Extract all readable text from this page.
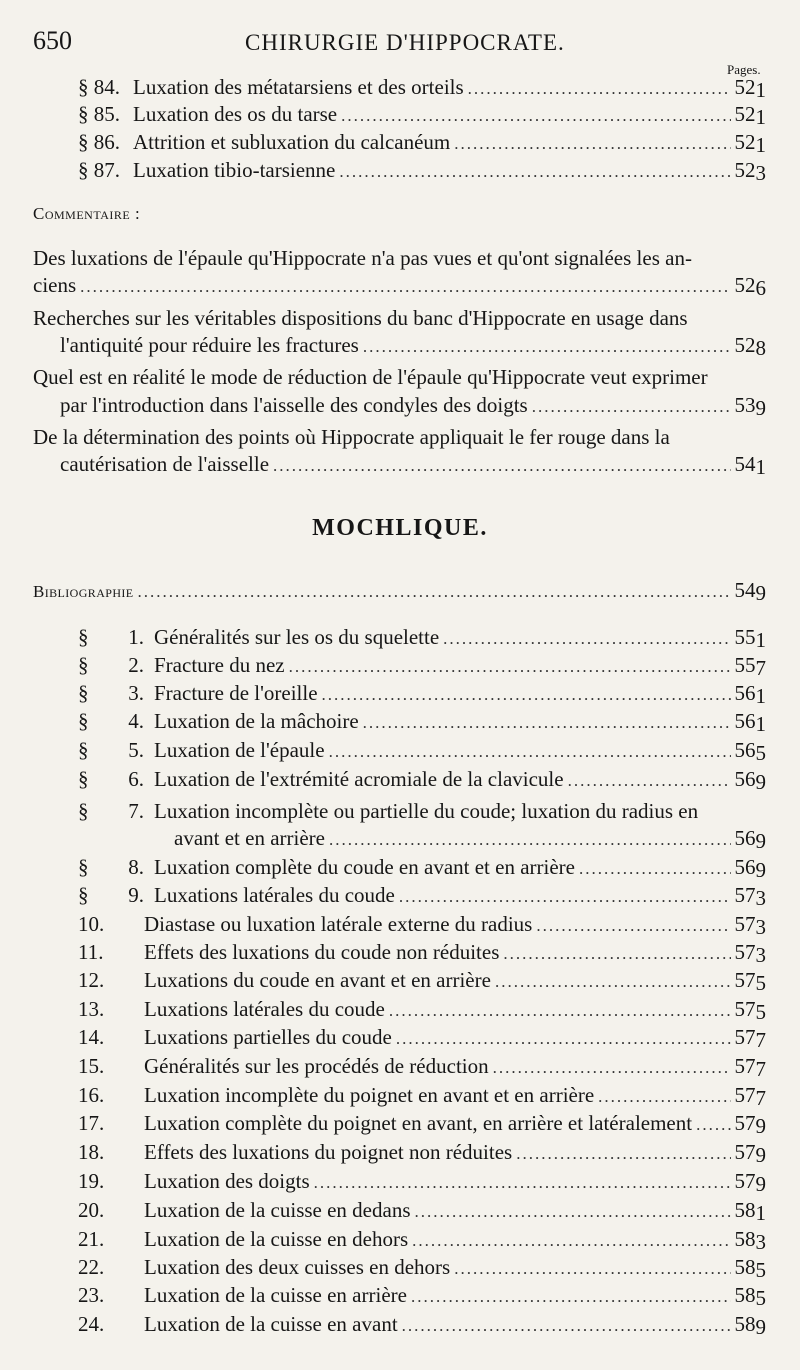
650	CHIRURGIE D'HIPPOCRATE.
Pages.
§ 84. Luxation des métatarsiens et des orteils .....	521
§ 85. Luxation des os du tarse .....	521
§ 86. Attrition et subluxation du calcanéum .....	521
§ 87. Luxation tibio-tarsienne .....	523
Commentaire :
Des luxations de l'épaule qu'Hippocrate n'a pas vues et qu'ont signalées les an-
ciens .....	526
Recherches sur les véritables dispositions du banc d'Hippocrate en usage dans
l'antiquité pour réduire les fractures .....	528
Quel est en réalité le mode de réduction de l'épaule qu'Hippocrate veut exprimer
par l'introduction dans l'aisselle des condyles des doigts .....	539
De la détermination des points où Hippocrate appliquait le fer rouge dans la
cautérisation de l'aisselle .....	541
MOCHLIQUE.
Bibliographie .....	549
§ 1. Généralités sur les os du squelette .....	551
§ 2. Fracture du nez .....	557
§ 3. Fracture de l'oreille .....	561
§ 4. Luxation de la mâchoire .....	561
§ 5. Luxation de l'épaule .....	565
§ 6. Luxation de l'extrémité acromiale de la clavicule .....	569
§ 7. Luxation incomplète ou partielle du coude; luxation du radius en
avant et en arrière .....	569
§ 8. Luxation complète du coude en avant et en arrière .....	569
§ 9. Luxations latérales du coude .....	573
10.	Diastase ou luxation latérale externe du radius .....	573
11.	Effets des luxations du coude non réduites .....	573
12.	Luxations du coude en avant et en arrière .....	575
13.	Luxations latérales du coude .....	575
14.	Luxations partielles du coude .....	577
15.	Généralités sur les procédés de réduction .....	577
16.	Luxation incomplète du poignet en avant et en arrière .....	577
17.	Luxation complète du poignet en avant, en arrière et latéralement ..... 579
18.	Effets des luxations du poignet non réduites .....	579
19.	Luxation des doigts .....	579
20.	Luxation de la cuisse en dedans .....	581
21.	Luxation de la cuisse en dehors .....	583
22.	Luxation des deux cuisses en dehors .....	585
23.	Luxation de la cuisse en arrière .....	585
24.	Luxation de la cuisse en avant .....	589
